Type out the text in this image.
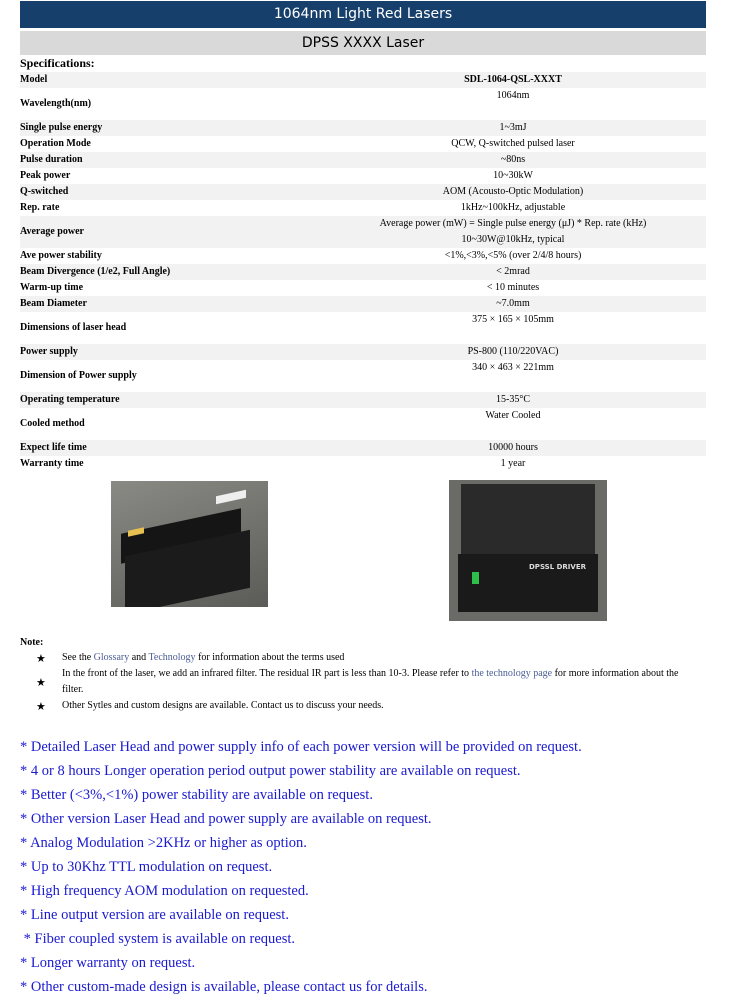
1064nm Light Red Lasers
DPSS XXXX Laser
Specifications:
Model	SDL-1064-QSL-XXXT
Wavelength(nm)	1064nm
Single pulse energy	1~3mJ
Operation Mode	QCW, Q-switched pulsed laser
Pulse duration	~80ns
Peak power	10~30kW
Q-switched	AOM (Acousto-Optic Modulation)
Rep. rate	1kHz~100kHz, adjustable
Average power	Average power (mW) = Single pulse energy (μJ) * Rep. rate (kHz)
10~30W@10kHz, typical

Ave power stability	<1%,<3%,<5% (over 2/4/8 hours)
Beam Divergence (1/e2, Full Angle)	< 2mrad
Warm-up time	< 10 minutes
Beam Diameter	~7.0mm
Dimensions of laser head	375 × 165 × 105mm
Power supply	PS-800 (110/220VAC)
Dimension of Power supply	340 × 463 × 221mm
Operating temperature	15-35°C
Cooled method	Water Cooled
Expect life time	10000 hours
Warranty time	1 year
DPSSL DRIVER
Note:
★ See the Glossary and Technology for information about the terms used
★
In the front of the laser, we add an infrared filter. The residual IR part is less than 10-3. Please refer to the technology page for more information about the filter.
★ Other Sytles and custom designs are available. Contact us to discuss your needs.
* Detailed Laser Head and power supply info of each power version will be provided on request.
* 4 or 8 hours Longer operation period output power stability are available on request.
* Better (<3%,<1%) power stability are available on request.
* Other version Laser Head and power supply are available on request.
* Analog Modulation >2KHz or higher as option.
* Up to 30Khz TTL modulation on request.
* High frequency AOM modulation on requested.
* Line output version are available on request.
* Fiber coupled system is available on request.
* Longer warranty on request.
* Other custom-made design is available, please contact us for details.
